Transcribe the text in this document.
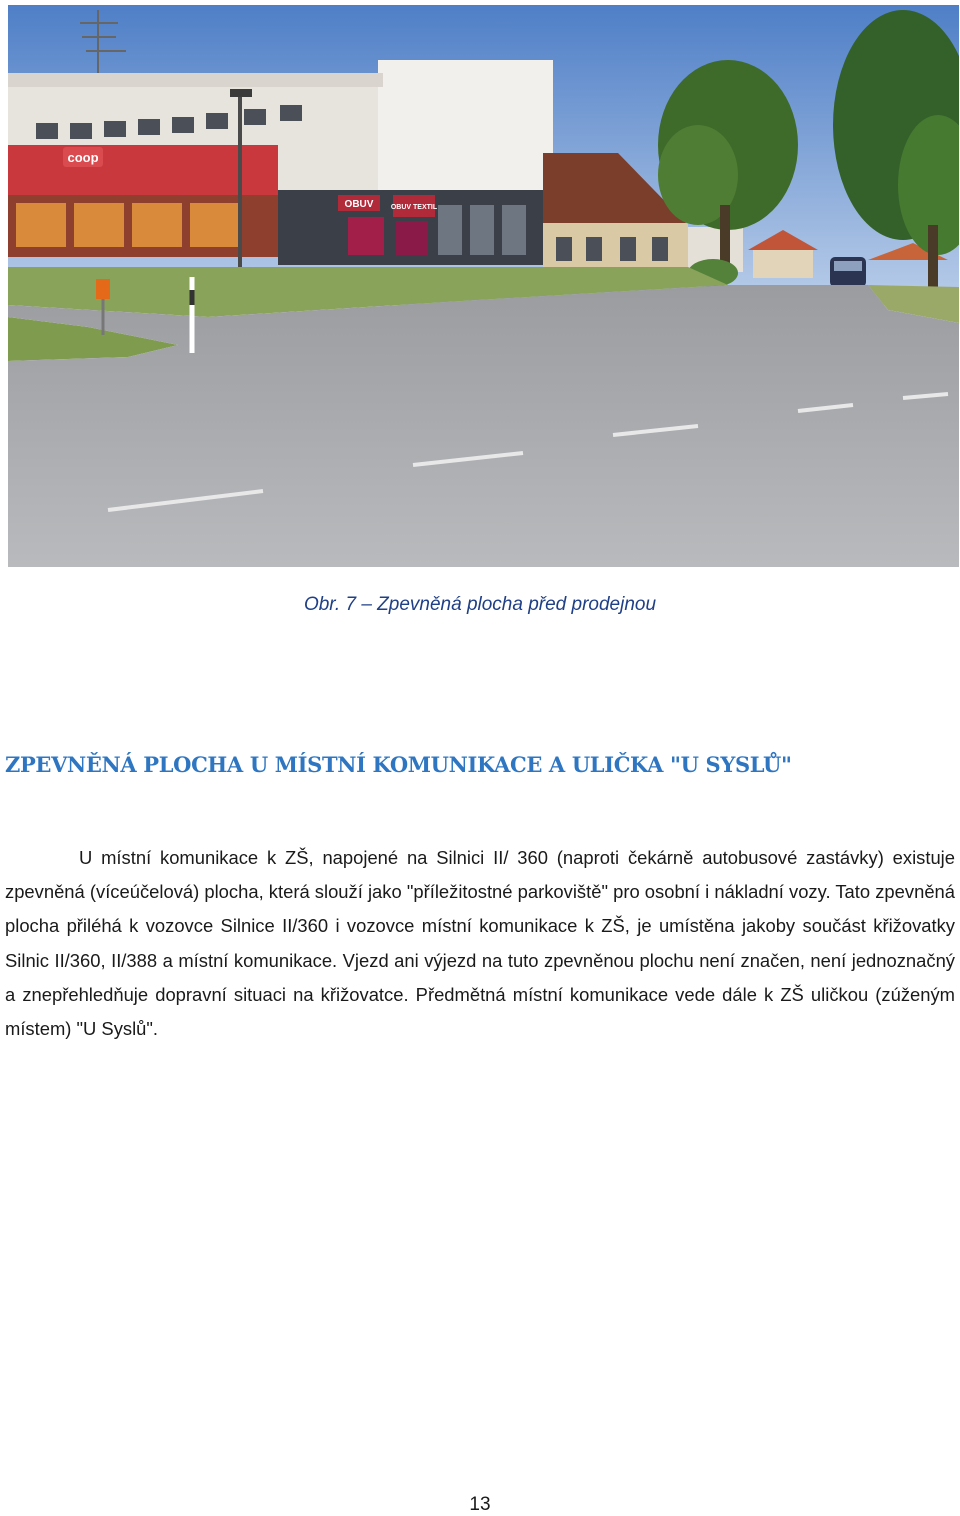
coop
OBUV OBUV TEXTIL
Obr. 7 – Zpevněná plocha před prodejnou
ZPEVNĚNÁ PLOCHA U MÍSTNÍ KOMUNIKACE A ULIČKA "U SYSLŮ"

U místní komunikace k ZŠ, napojené na Silnici II/ 360 (naproti čekárně autobusové zastávky) existuje zpevněná (víceúčelová) plocha, která slouží jako "příležitostné parkoviště" pro osobní i nákladní vozy. Tato zpevněná plocha přiléhá k vozovce Silnice II/360 i vozovce místní komunikace k ZŠ, je umístěna jakoby součást křižovatky Silnic II/360, II/388 a místní komunikace. Vjezd ani výjezd na tuto zpevněnou plochu není značen, není jednoznačný a znepřehledňuje dopravní situaci na křižovatce. Předmětná místní komunikace vede dále k ZŠ uličkou (zúženým místem) "U Syslů".

13
